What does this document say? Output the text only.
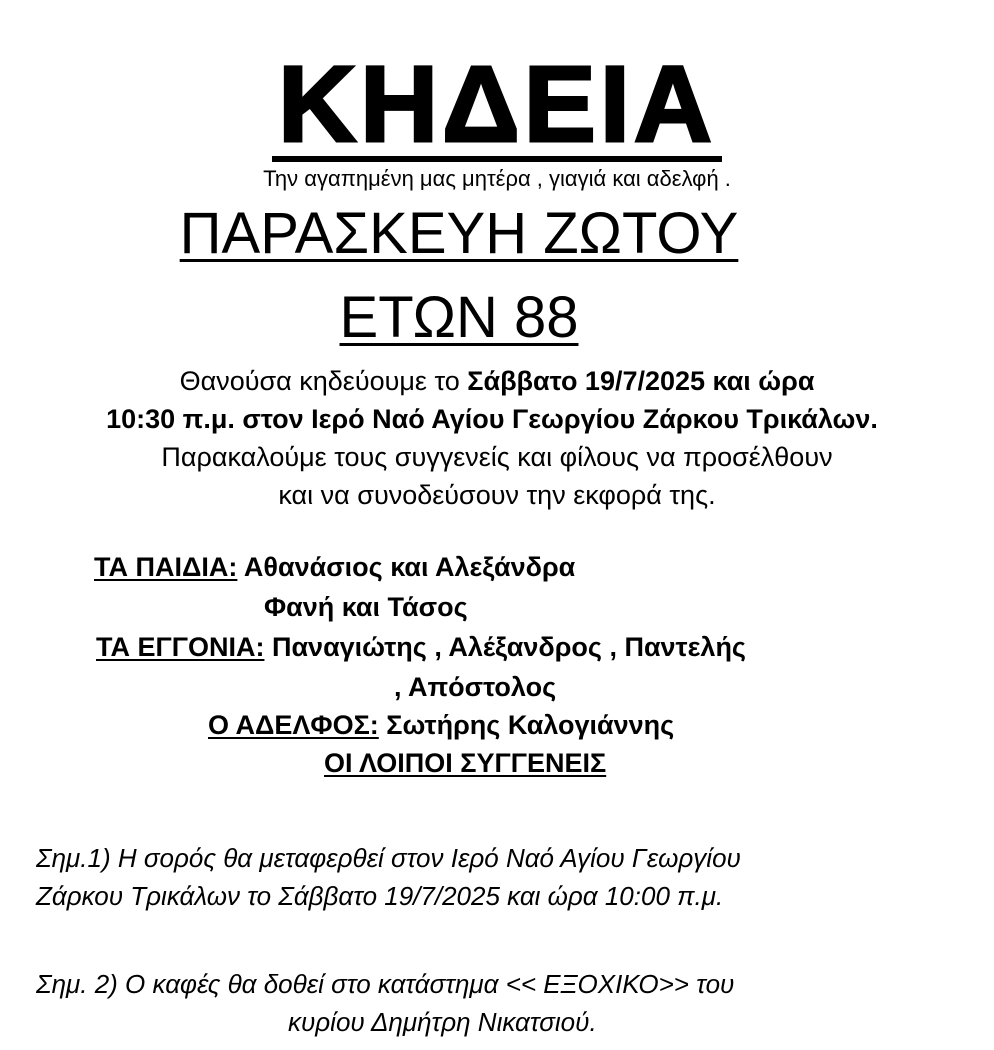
ΚΗΔΕΙΑ
Την αγαπημένη μας μητέρα , γιαγιά και αδελφή .
ΠΑΡΑΣΚΕΥΗ ΖΩΤΟΥ
ΕΤΩΝ 88
Θανούσα κηδεύουμε το Σάββατο 19/7/2025 και ώρα
10:30 π.μ. στον Ιερό Ναό Αγίου Γεωργίου Ζάρκου Τρικάλων.
Παρακαλούμε τους συγγενείς και φίλους να προσέλθουν
και να συνοδεύσουν την εκφορά της.
ΤΑ ΠΑΙΔΙΑ: Αθανάσιος και Αλεξάνδρα
Φανή και Τάσος
ΤΑ ΕΓΓΟΝΙΑ: Παναγιώτης , Αλέξανδρος , Παντελής
, Απόστολος
Ο ΑΔΕΛΦΟΣ: Σωτήρης Καλογιάννης
ΟΙ ΛΟΙΠΟΙ ΣΥΓΓΕΝΕΙΣ
Σημ.1) Η σορός θα μεταφερθεί στον Ιερό Ναό Αγίου Γεωργίου
Ζάρκου Τρικάλων το Σάββατο 19/7/2025 και ώρα 10:00 π.μ.
Σημ. 2) Ο καφές θα δοθεί στο κατάστημα << ΕΞΟΧΙΚΟ>> του
κυρίου Δημήτρη Νικατσιού.
